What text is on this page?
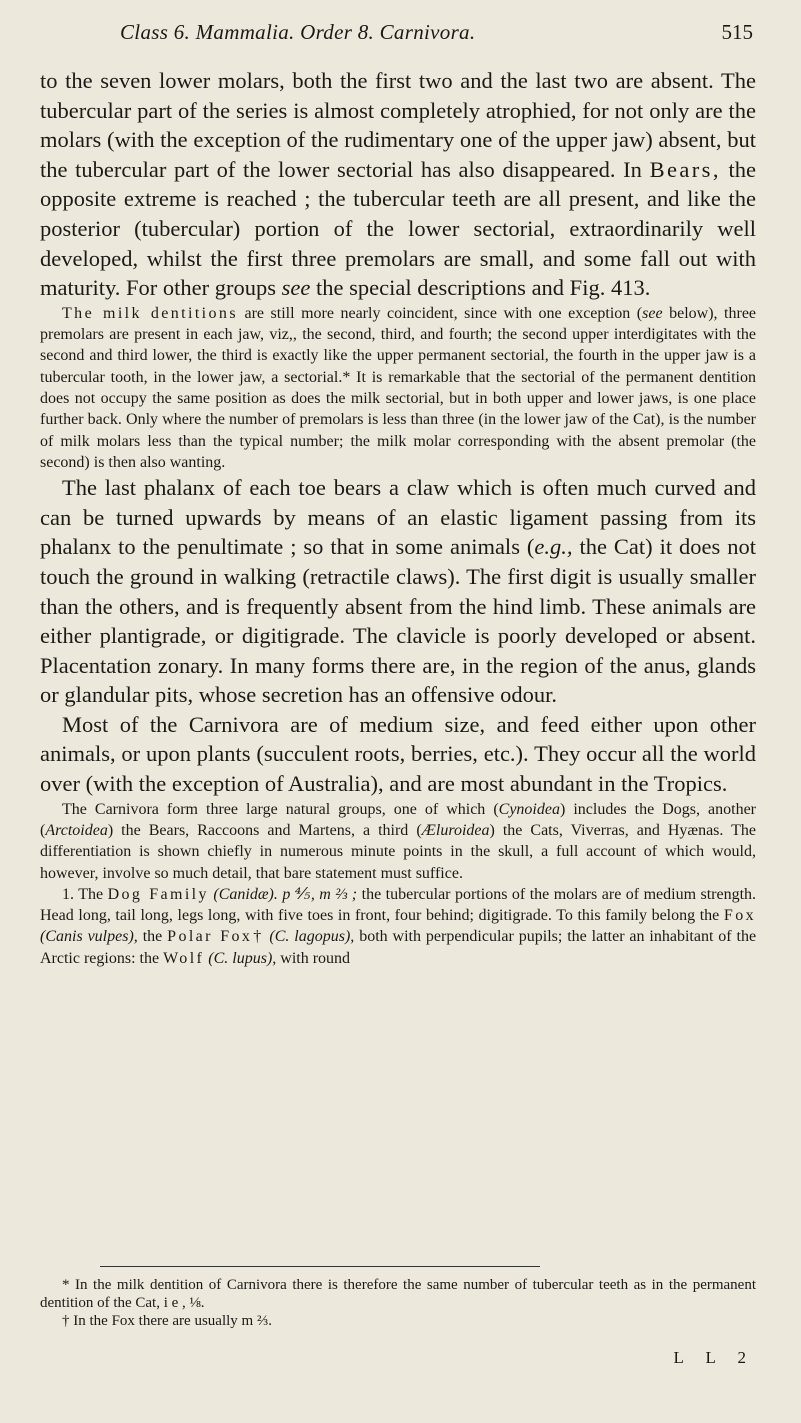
Class 6. Mammalia. Order 8. Carnivora.	515

to the seven lower molars, both the first two and the last two are absent. The tubercular part of the series is almost completely atrophied, for not only are the molars (with the exception of the rudimentary one of the upper jaw) absent, but the tubercular part of the lower sectorial has also disappeared. In Bears, the opposite extreme is reached ; the tubercular teeth are all present, and like the posterior (tubercular) portion of the lower sectorial, extraordinarily well developed, whilst the first three premolars are small, and some fall out with maturity. For other groups see the special descriptions and Fig. 413.

The milk dentitions are still more nearly coincident, since with one exception (see below), three premolars are present in each jaw, viz,, the second, third, and fourth; the second upper interdigitates with the second and third lower, the third is exactly like the upper permanent sectorial, the fourth in the upper jaw is a tubercular tooth, in the lower jaw, a sectorial.* It is remarkable that the sectorial of the permanent dentition does not occupy the same position as does the milk sectorial, but in both upper and lower jaws, is one place further back. Only where the number of premolars is less than three (in the lower jaw of the Cat), is the number of milk molars less than the typical number; the milk molar corresponding with the absent premolar (the second) is then also wanting.

The last phalanx of each toe bears a claw which is often much curved and can be turned upwards by means of an elastic ligament passing from its phalanx to the penultimate ; so that in some animals (e.g., the Cat) it does not touch the ground in walking (retractile claws). The first digit is usually smaller than the others, and is frequently absent from the hind limb. These animals are either plantigrade, or digitigrade. The clavicle is poorly developed or absent. Placentation zonary. In many forms there are, in the region of the anus, glands or glandular pits, whose secretion has an offensive odour.

Most of the Carnivora are of medium size, and feed either upon other animals, or upon plants (succulent roots, berries, etc.). They occur all the world over (with the exception of Australia), and are most abundant in the Tropics.

The Carnivora form three large natural groups, one of which (Cynoidea) includes the Dogs, another (Arctoidea) the Bears, Raccoons and Martens, a third (Æluroidea) the Cats, Viverras, and Hyænas. The differentiation is shown chiefly in numerous minute points in the skull, a full account of which would, however, involve so much detail, that bare statement must suffice.

1. The Dog Family (Canidæ). p ⅘, m ⅔ ; the tubercular portions of the molars are of medium strength. Head long, tail long, legs long, with five toes in front, four behind; digitigrade. To this family belong the Fox (Canis vulpes), the Polar Fox† (C. lagopus), both with perpendicular pupils; the latter an inhabitant of the Arctic regions: the Wolf (C. lupus), with round

* In the milk dentition of Carnivora there is therefore the same number of tubercular teeth as in the permanent dentition of the Cat, i e , ⅛.

† In the Fox there are usually m ⅔.

L L 2
